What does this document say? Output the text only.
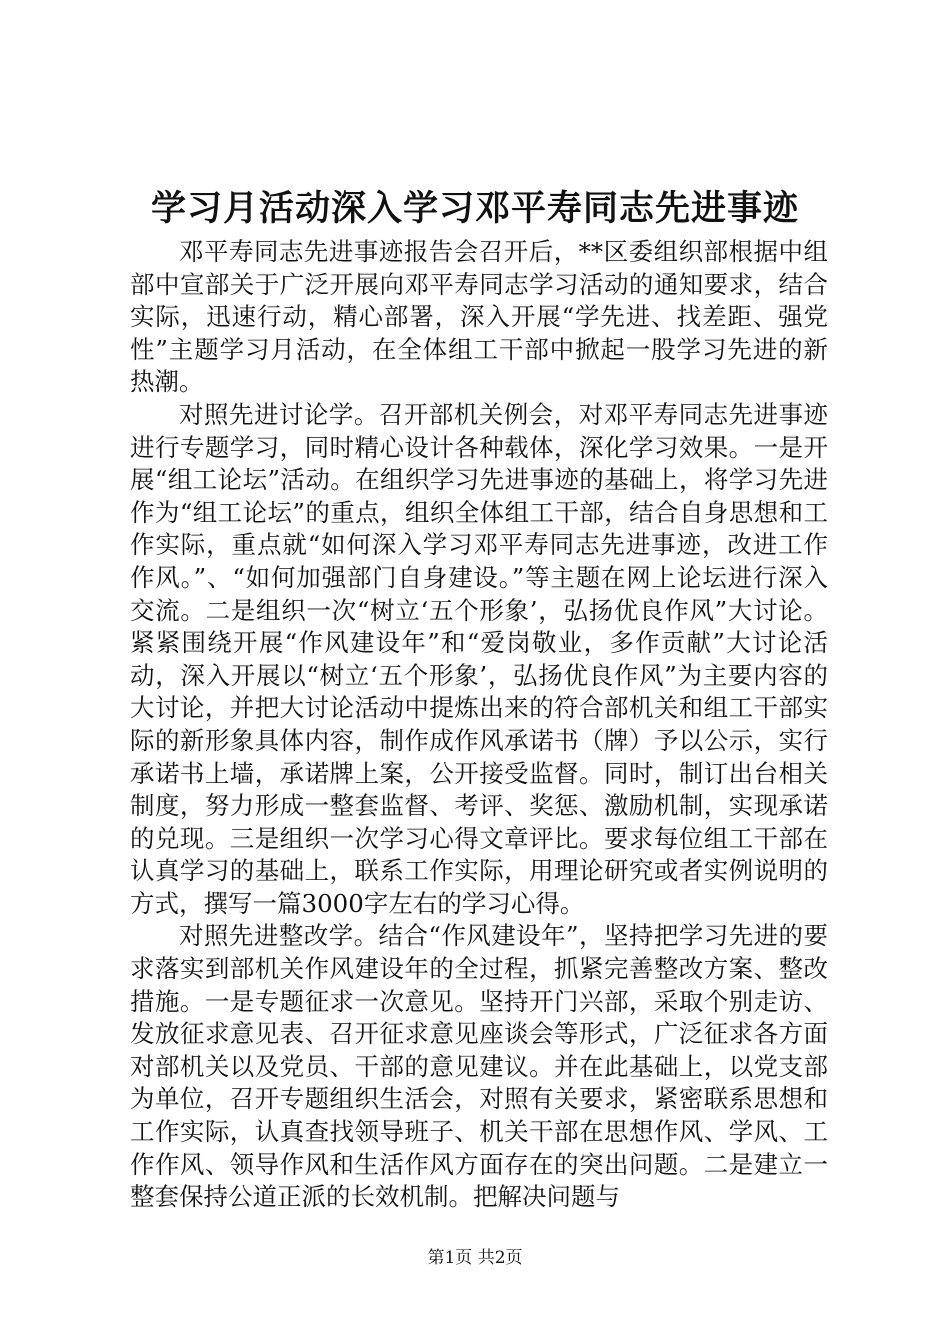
学习月活动深入学习邓平寿同志先进事迹

邓平寿同志先进事迹报告会召开后，**区委组织部根据中组部中宣部关于广泛开展向邓平寿同志学习活动的通知要求，结合实际，迅速行动，精心部署，深入开展“学先进、找差距、强党性”主题学习月活动，在全体组工干部中掀起一股学习先进的新热潮。

对照先进讨论学。召开部机关例会，对邓平寿同志先进事迹进行专题学习，同时精心设计各种载体，深化学习效果。一是开展“组工论坛”活动。在组织学习先进事迹的基础上，将学习先进作为“组工论坛”的重点，组织全体组工干部，结合自身思想和工作实际，重点就“如何深入学习邓平寿同志先进事迹，改进工作作风。”、“如何加强部门自身建设。”等主题在网上论坛进行深入交流。二是组织一次“树立‘五个形象’，弘扬优良作风”大讨论。紧紧围绕开展“作风建设年”和“爱岗敬业，多作贡献”大讨论活动，深入开展以“树立‘五个形象’，弘扬优良作风”为主要内容的大讨论，并把大讨论活动中提炼出来的符合部机关和组工干部实际的新形象具体内容，制作成作风承诺书（牌）予以公示，实行承诺书上墙，承诺牌上案，公开接受监督。同时，制订出台相关制度，努力形成一整套监督、考评、奖惩、激励机制，实现承诺的兑现。三是组织一次学习心得文章评比。要求每位组工干部在认真学习的基础上，联系工作实际，用理论研究或者实例说明的方式，撰写一篇3000字左右的学习心得。

对照先进整改学。结合“作风建设年”，坚持把学习先进的要求落实到部机关作风建设年的全过程，抓紧完善整改方案、整改措施。一是专题征求一次意见。坚持开门兴部，采取个别走访、发放征求意见表、召开征求意见座谈会等形式，广泛征求各方面对部机关以及党员、干部的意见建议。并在此基础上，以党支部为单位，召开专题组织生活会，对照有关要求，紧密联系思想和工作实际，认真查找领导班子、机关干部在思想作风、学风、工作作风、领导作风和生活作风方面存在的突出问题。二是建立一整套保持公道正派的长效机制。把解决问题与

第1页 共2页
